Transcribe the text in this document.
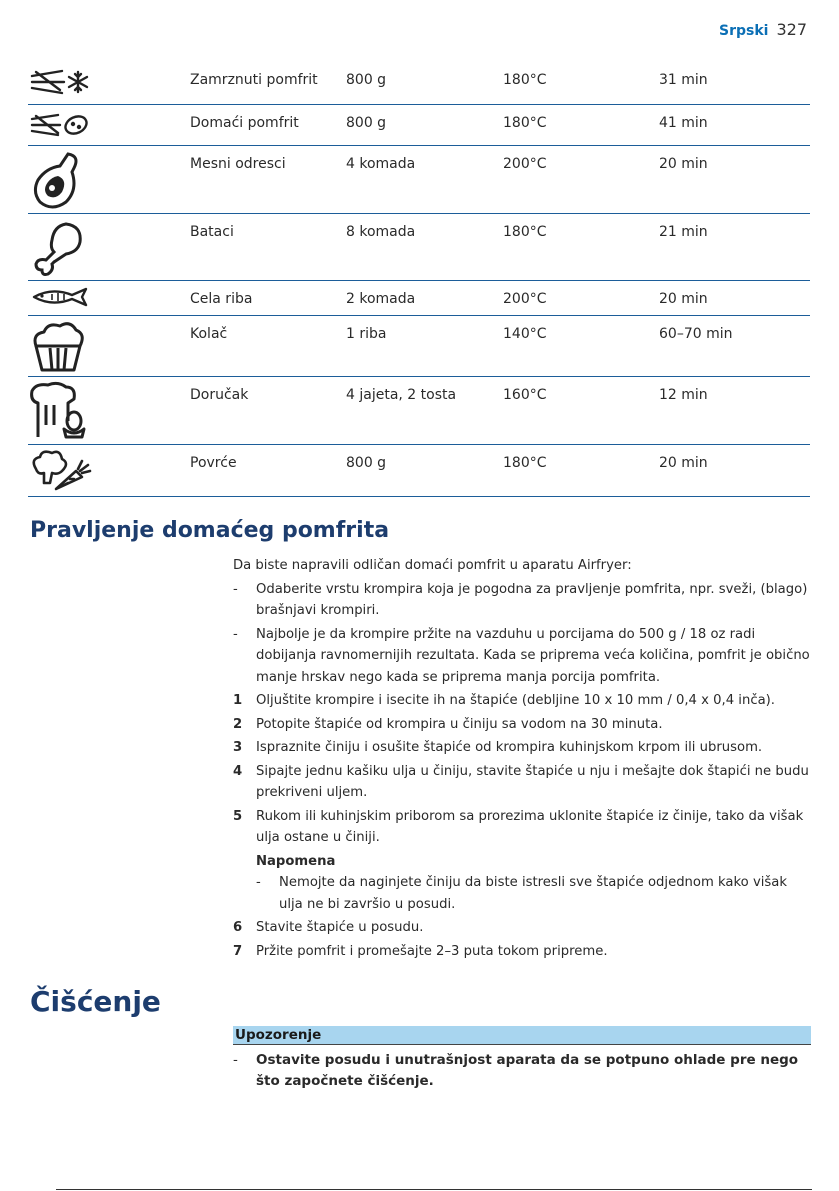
Srpski 327
	Zamrznuti pomfrit	800 g	180°C	31 min

	Domaći pomfrit	800 g	180°C	41 min

	Mesni odresci	4 komada	200°C	20 min

	Bataci	8 komada	180°C	21 min

	Cela riba	2 komada	200°C	20 min

	Kolač	1 riba	140°C	60–70 min

	Doručak	4 jajeta, 2 tosta	160°C	12 min

	Povrće	800 g	180°C	20 min
Pravljenje domaćeg pomfrita
Da biste napravili odličan domaći pomfrit u aparatu Airfryer:
- Odaberite vrstu krompira koja je pogodna za pravljenje pomfrita, npr. sveži, (blago) brašnjavi krompiri.
- Najbolje je da krompire pržite na vazduhu u porcijama do 500 g / 18 oz radi dobijanja ravnomernijih rezultata. Kada se priprema veća količina, pomfrit je obično manje hrskav nego kada se priprema manja porcija pomfrita.
1 Oljuštite krompire i isecite ih na štapiće (debljine 10 x 10 mm / 0,4 x 0,4 inča).
2 Potopite štapiće od krompira u činiju sa vodom na 30 minuta.
3 Ispraznite činiju i osušite štapiće od krompira kuhinjskom krpom ili ubrusom.
4 Sipajte jednu kašiku ulja u činiju, stavite štapiće u nju i mešajte dok štapići ne budu prekriveni uljem.
5 Rukom ili kuhinjskim priborom sa prorezima uklonite štapiće iz činije, tako da višak ulja ostane u činiji.
Napomena
- Nemojte da naginjete činiju da biste istresli sve štapiće odjednom kako višak ulja ne bi završio u posudi.
6 Stavite štapiće u posudu.
7 Pržite pomfrit i promešajte 2–3 puta tokom pripreme.
Čišćenje
Upozorenje
- Ostavite posudu i unutrašnjost aparata da se potpuno ohlade pre nego što započnete čišćenje.
